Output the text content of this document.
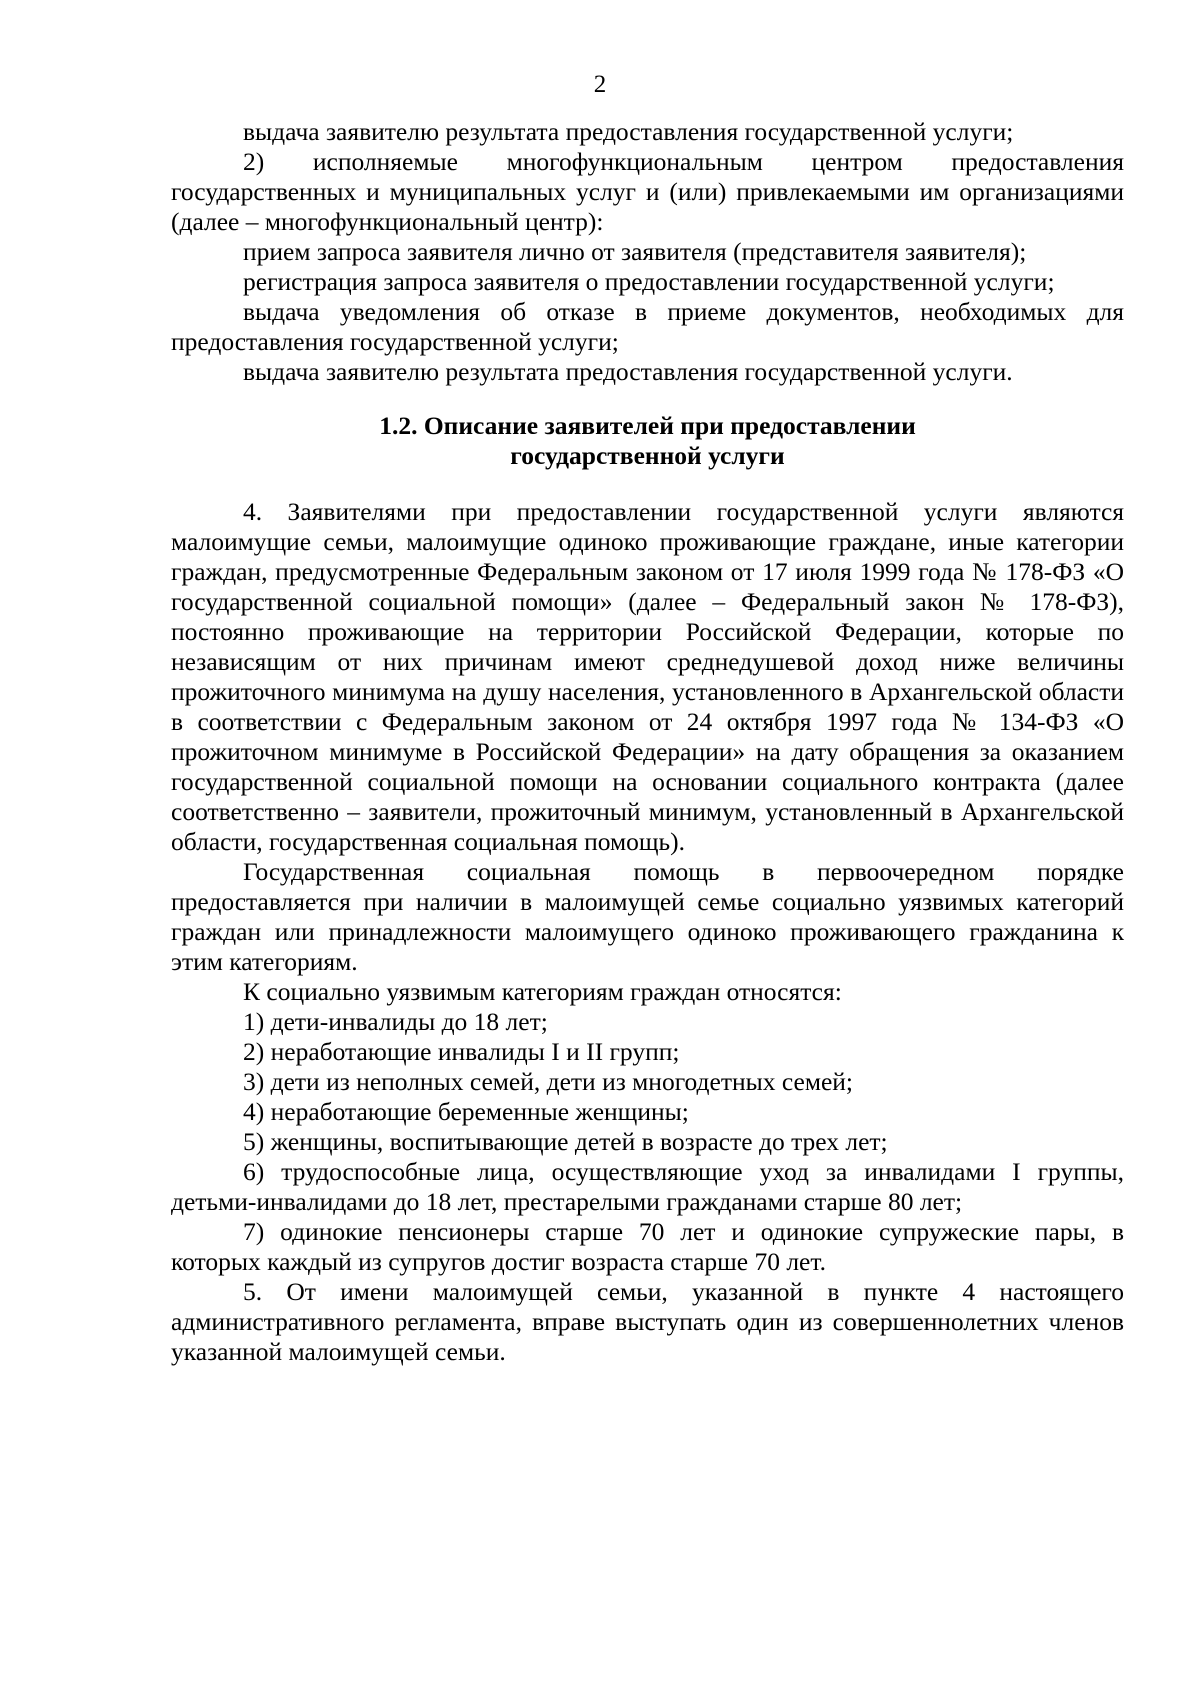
2

выдача заявителю результата предоставления государственной услуги;

2) исполняемые многофункциональным центром предоставления государственных и муниципальных услуг и (или) привлекаемыми им организациями (далее – многофункциональный центр):

прием запроса заявителя лично от заявителя (представителя заявителя);

регистрация запроса заявителя о предоставлении государственной услуги;

выдача уведомления об отказе в приеме документов, необходимых для предоставления государственной услуги;

выдача заявителю результата предоставления государственной услуги.

1.2. Описание заявителей при предоставлении
государственной услуги

4. Заявителями при предоставлении государственной услуги являются малоимущие семьи, малоимущие одиноко проживающие граждане, иные категории граждан, предусмотренные Федеральным законом от 17 июля 1999 года № 178-ФЗ «О государственной социальной помощи» (далее – Федеральный закон № 178-ФЗ), постоянно проживающие на территории Российской Федерации, которые по независящим от них причинам имеют среднедушевой доход ниже величины прожиточного минимума на душу населения, установленного в Архангельской области в соответствии с Федеральным законом от 24 октября 1997 года № 134-ФЗ «О прожиточном минимуме в Российской Федерации» на дату обращения за оказанием государственной социальной помощи на основании социального контракта (далее соответственно – заявители, прожиточный минимум, установленный в Архангельской области, государственная социальная помощь).

Государственная социальная помощь в первоочередном порядке предоставляется при наличии в малоимущей семье социально уязвимых категорий граждан или принадлежности малоимущего одиноко проживающего гражданина к этим категориям.

К социально уязвимым категориям граждан относятся:

1) дети-инвалиды до 18 лет;

2) неработающие инвалиды I и II групп;

3) дети из неполных семей, дети из многодетных семей;

4) неработающие беременные женщины;

5) женщины, воспитывающие детей в возрасте до трех лет;

6) трудоспособные лица, осуществляющие уход за инвалидами I группы, детьми-инвалидами до 18 лет, престарелыми гражданами старше 80 лет;

7) одинокие пенсионеры старше 70 лет и одинокие супружеские пары, в которых каждый из супругов достиг возраста старше 70 лет.

5. От имени малоимущей семьи, указанной в пункте 4 настоящего административного регламента, вправе выступать один из совершеннолетних членов указанной малоимущей семьи.
